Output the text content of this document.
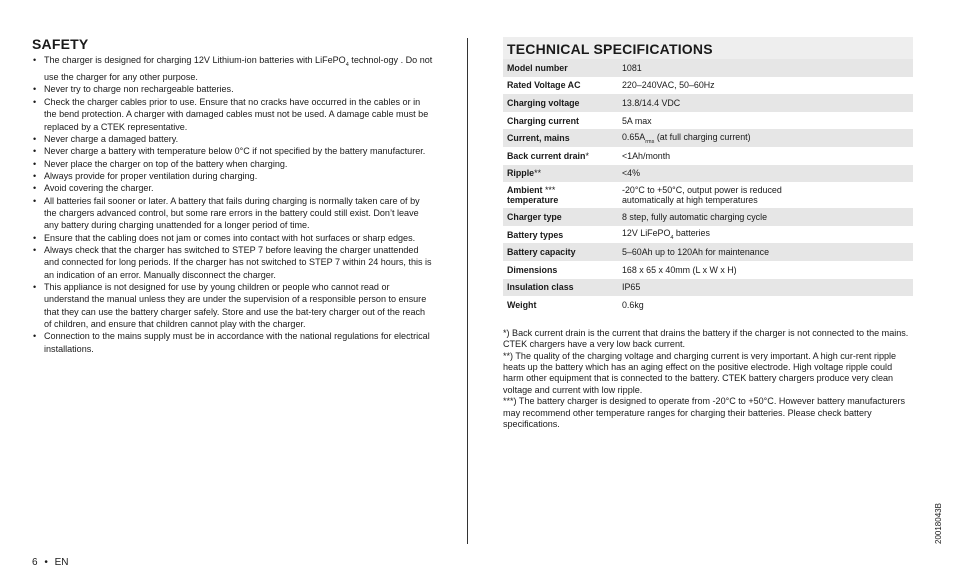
SAFETY
• The charger is designed for charging 12V Lithium-ion batteries with LiFePO$_4$ technol-ogy . Do not use the charger for any other purpose.
• Never try to charge non rechargeable batteries.
• Check the charger cables prior to use. Ensure that no cracks have occurred in the cables or in the bend protection. A charger with damaged cables must not be used. A damage cable must be replaced by a CTEK representative.
• Never charge a damaged battery.
• Never charge a battery with temperature below 0°C if not specified by the battery manufacturer.
• Never place the charger on top of the battery when charging.
• Always provide for proper ventilation during charging.
• Avoid covering the charger.
• All batteries fail sooner or later. A battery that fails during charging is normally taken care of by the chargers advanced control, but some rare errors in the battery could still exist. Don’t leave any battery during charging unattended for a longer period of time.
• Ensure that the cabling does not jam or comes into contact with hot surfaces or sharp edges.
• Always check that the charger has switched to STEP 7 before leaving the charger unattended and connected for long periods. If the charger has not switched to STEP 7 within 24 hours, this is an indication of an error. Manually disconnect the charger.
• This appliance is not designed for use by young children or people who cannot read or understand the manual unless they are under the supervision of a responsible person to ensure that they can use the battery charger safely. Store and use the bat-tery charger out of the reach of children, and ensure that children cannot play with the charger.
• Connection to the mains supply must be in accordance with the national regulations for electrical installations.
TECHNICAL SPECIFICATIONS
Model number	1081
Rated Voltage AC	220–240VAC, 50–60Hz
Charging voltage	13.8/14.4 VDC
Charging current	5A max
Current, mains	$0.65A_{rms}$ (at full charging current)
Back current drain*	<1Ah/month
Ripple**	<4%
Ambient ***
temperature	-20°C to +50°C, output power is reduced
automatically at high temperatures
Charger type	8 step, fully automatic charging cycle
Battery types	12V LiFePO$_4$ batteries
Battery capacity	5–60Ah up to 120Ah for maintenance
Dimensions	168 x 65 x 40mm (L x W x H)
Insulation class	IP65
Weight	0.6kg

*) Back current drain is the current that drains the battery if the charger is not connected to the mains. CTEK chargers have a very low back current.

**) The quality of the charging voltage and charging current is very important. A high cur-rent ripple heats up the battery which has an aging effect on the positive electrode. High voltage ripple could harm other equipment that is connected to the battery. CTEK battery chargers produce very clean voltage and current with low ripple.

***) The battery charger is designed to operate from -20°C to +50°C. However battery manufacturers may recommend other temperature ranges for charging their batteries. Please check battery specifications.

6 • EN
20018043B
